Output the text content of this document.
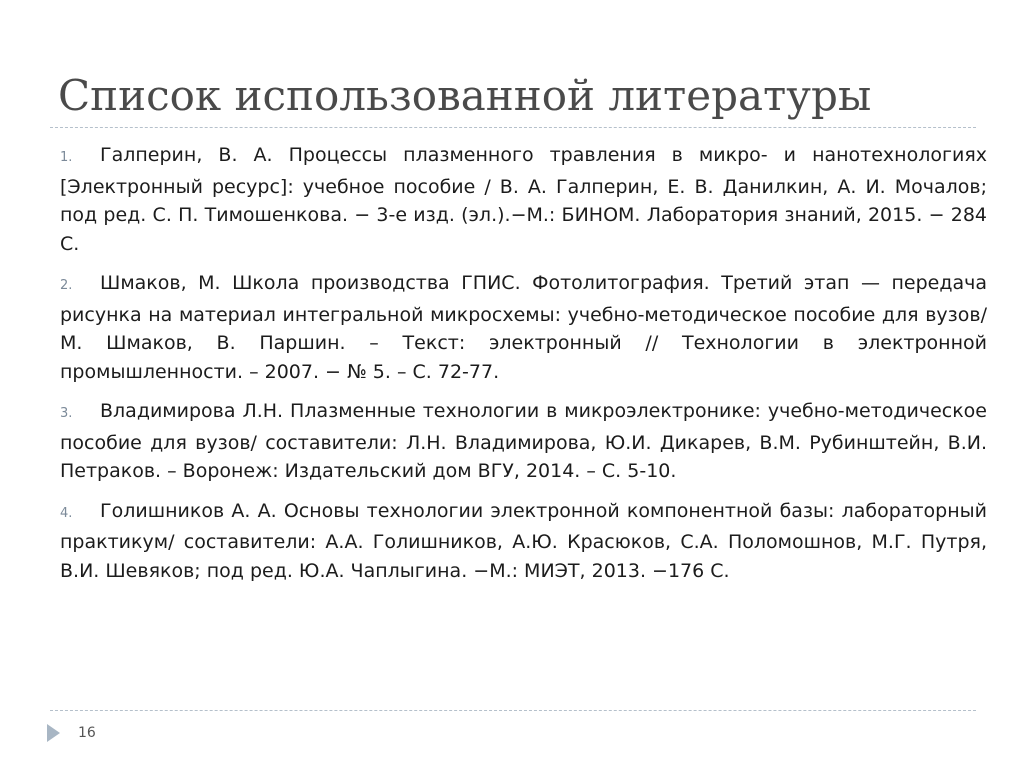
Список использованной литературы
1. Галперин, В. А. Процессы плазменного травления в микро- и нанотехнологиях [Электронный ресурс]: учебное пособие / В. А. Галперин, Е. В. Данилкин, А. И. Мочалов; под ред. С. П. Тимошенкова. − 3-е изд. (эл.).−М.: БИНОМ. Лаборатория знаний, 2015. − 284 С.
2. Шмаков, М. Школа производства ГПИС. Фотолитография. Третий этап — передача рисунка на материал интегральной микросхемы: учебно-методическое пособие для вузов/ М. Шмаков, В. Паршин. – Текст: электронный // Технологии в электронной промышленности. – 2007. − № 5. – С. 72-77.
3. Владимирова Л.Н. Плазменные технологии в микроэлектронике: учебно-методическое пособие для вузов/ составители: Л.Н. Владимирова, Ю.И. Дикарев, В.М. Рубинштейн, В.И. Петраков. – Воронеж: Издательский дом ВГУ, 2014. – С. 5-10.
4. Голишников А. А. Основы технологии электронной компонентной базы: лабораторный практикум/ составители: А.А. Голишников, А.Ю. Красюков, С.А. Поломошнов, М.Г. Путря, В.И. Шевяков; под ред. Ю.А. Чаплыгина. −М.: МИЭТ, 2013. −176 С.
16
